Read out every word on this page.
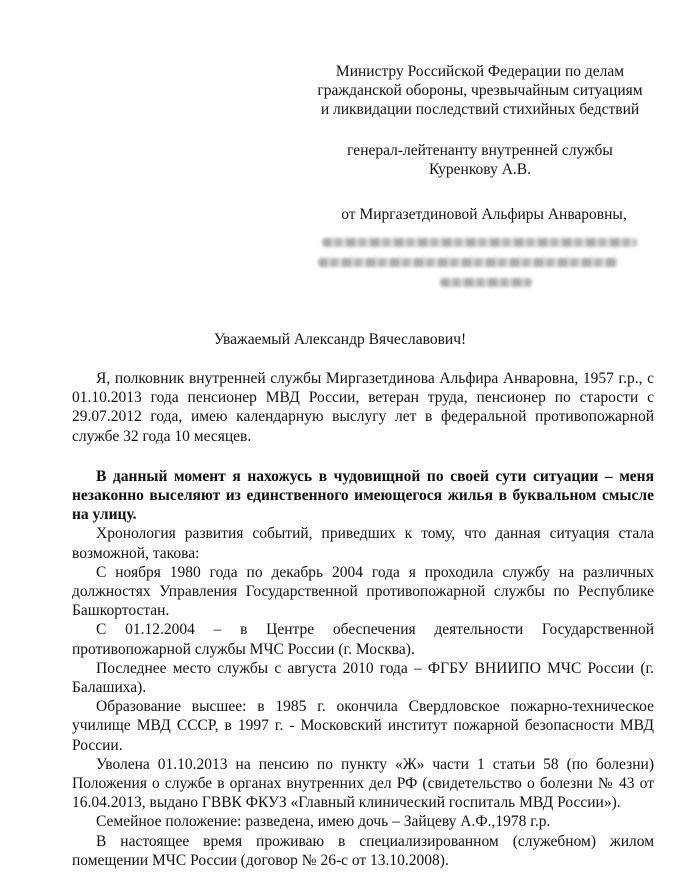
Министру Российской Федерации по делам

гражданской обороны, чрезвычайным ситуациям

и ликвидации последствий стихийных бедствий

генерал-лейтенанту внутренней службы

Куренкову А.В.

от Миргазетдиновой Альфиры Анваровны,

Уважаемый Александр Вячеславович!

Я, полковник внутренней службы Миргазетдинова Альфира Анваровна, 1957 г.р., с 01.10.2013 года пенсионер МВД России, ветеран труда, пенсионер по старости с 29.07.2012 года, имею календарную выслугу лет в федеральной противопожарной службе 32 года 10 месяцев.

В данный момент я нахожусь в чудовищной по своей сути ситуации – меня незаконно выселяют из единственного имеющегося жилья в буквальном смысле на улицу.

Хронология развития событий, приведших к тому, что данная ситуация стала возможной, такова:

С ноября 1980 года по декабрь 2004 года я проходила службу на различных должностях Управления Государственной противопожарной службы по Республике Башкортостан.

С 01.12.2004 – в Центре обеспечения деятельности Государственной противопожарной службы МЧС России (г. Москва).

Последнее место службы с августа 2010 года – ФГБУ ВНИИПО МЧС России (г. Балашиха).

Образование высшее: в 1985 г. окончила Свердловское пожарно-техническое училище МВД СССР, в 1997 г. - Московский институт пожарной безопасности МВД России.

Уволена 01.10.2013 на пенсию по пункту «Ж» части 1 статьи 58 (по болезни) Положения о службе в органах внутренних дел РФ (свидетельство о болезни № 43 от 16.04.2013, выдано ГВВК ФКУЗ «Главный клинический госпиталь МВД России»).

Семейное положение: разведена, имею дочь – Зайцеву А.Ф.,1978 г.р.

В настоящее время проживаю в специализированном (служебном) жилом помещении МЧС России (договор № 26-с от 13.10.2008).
